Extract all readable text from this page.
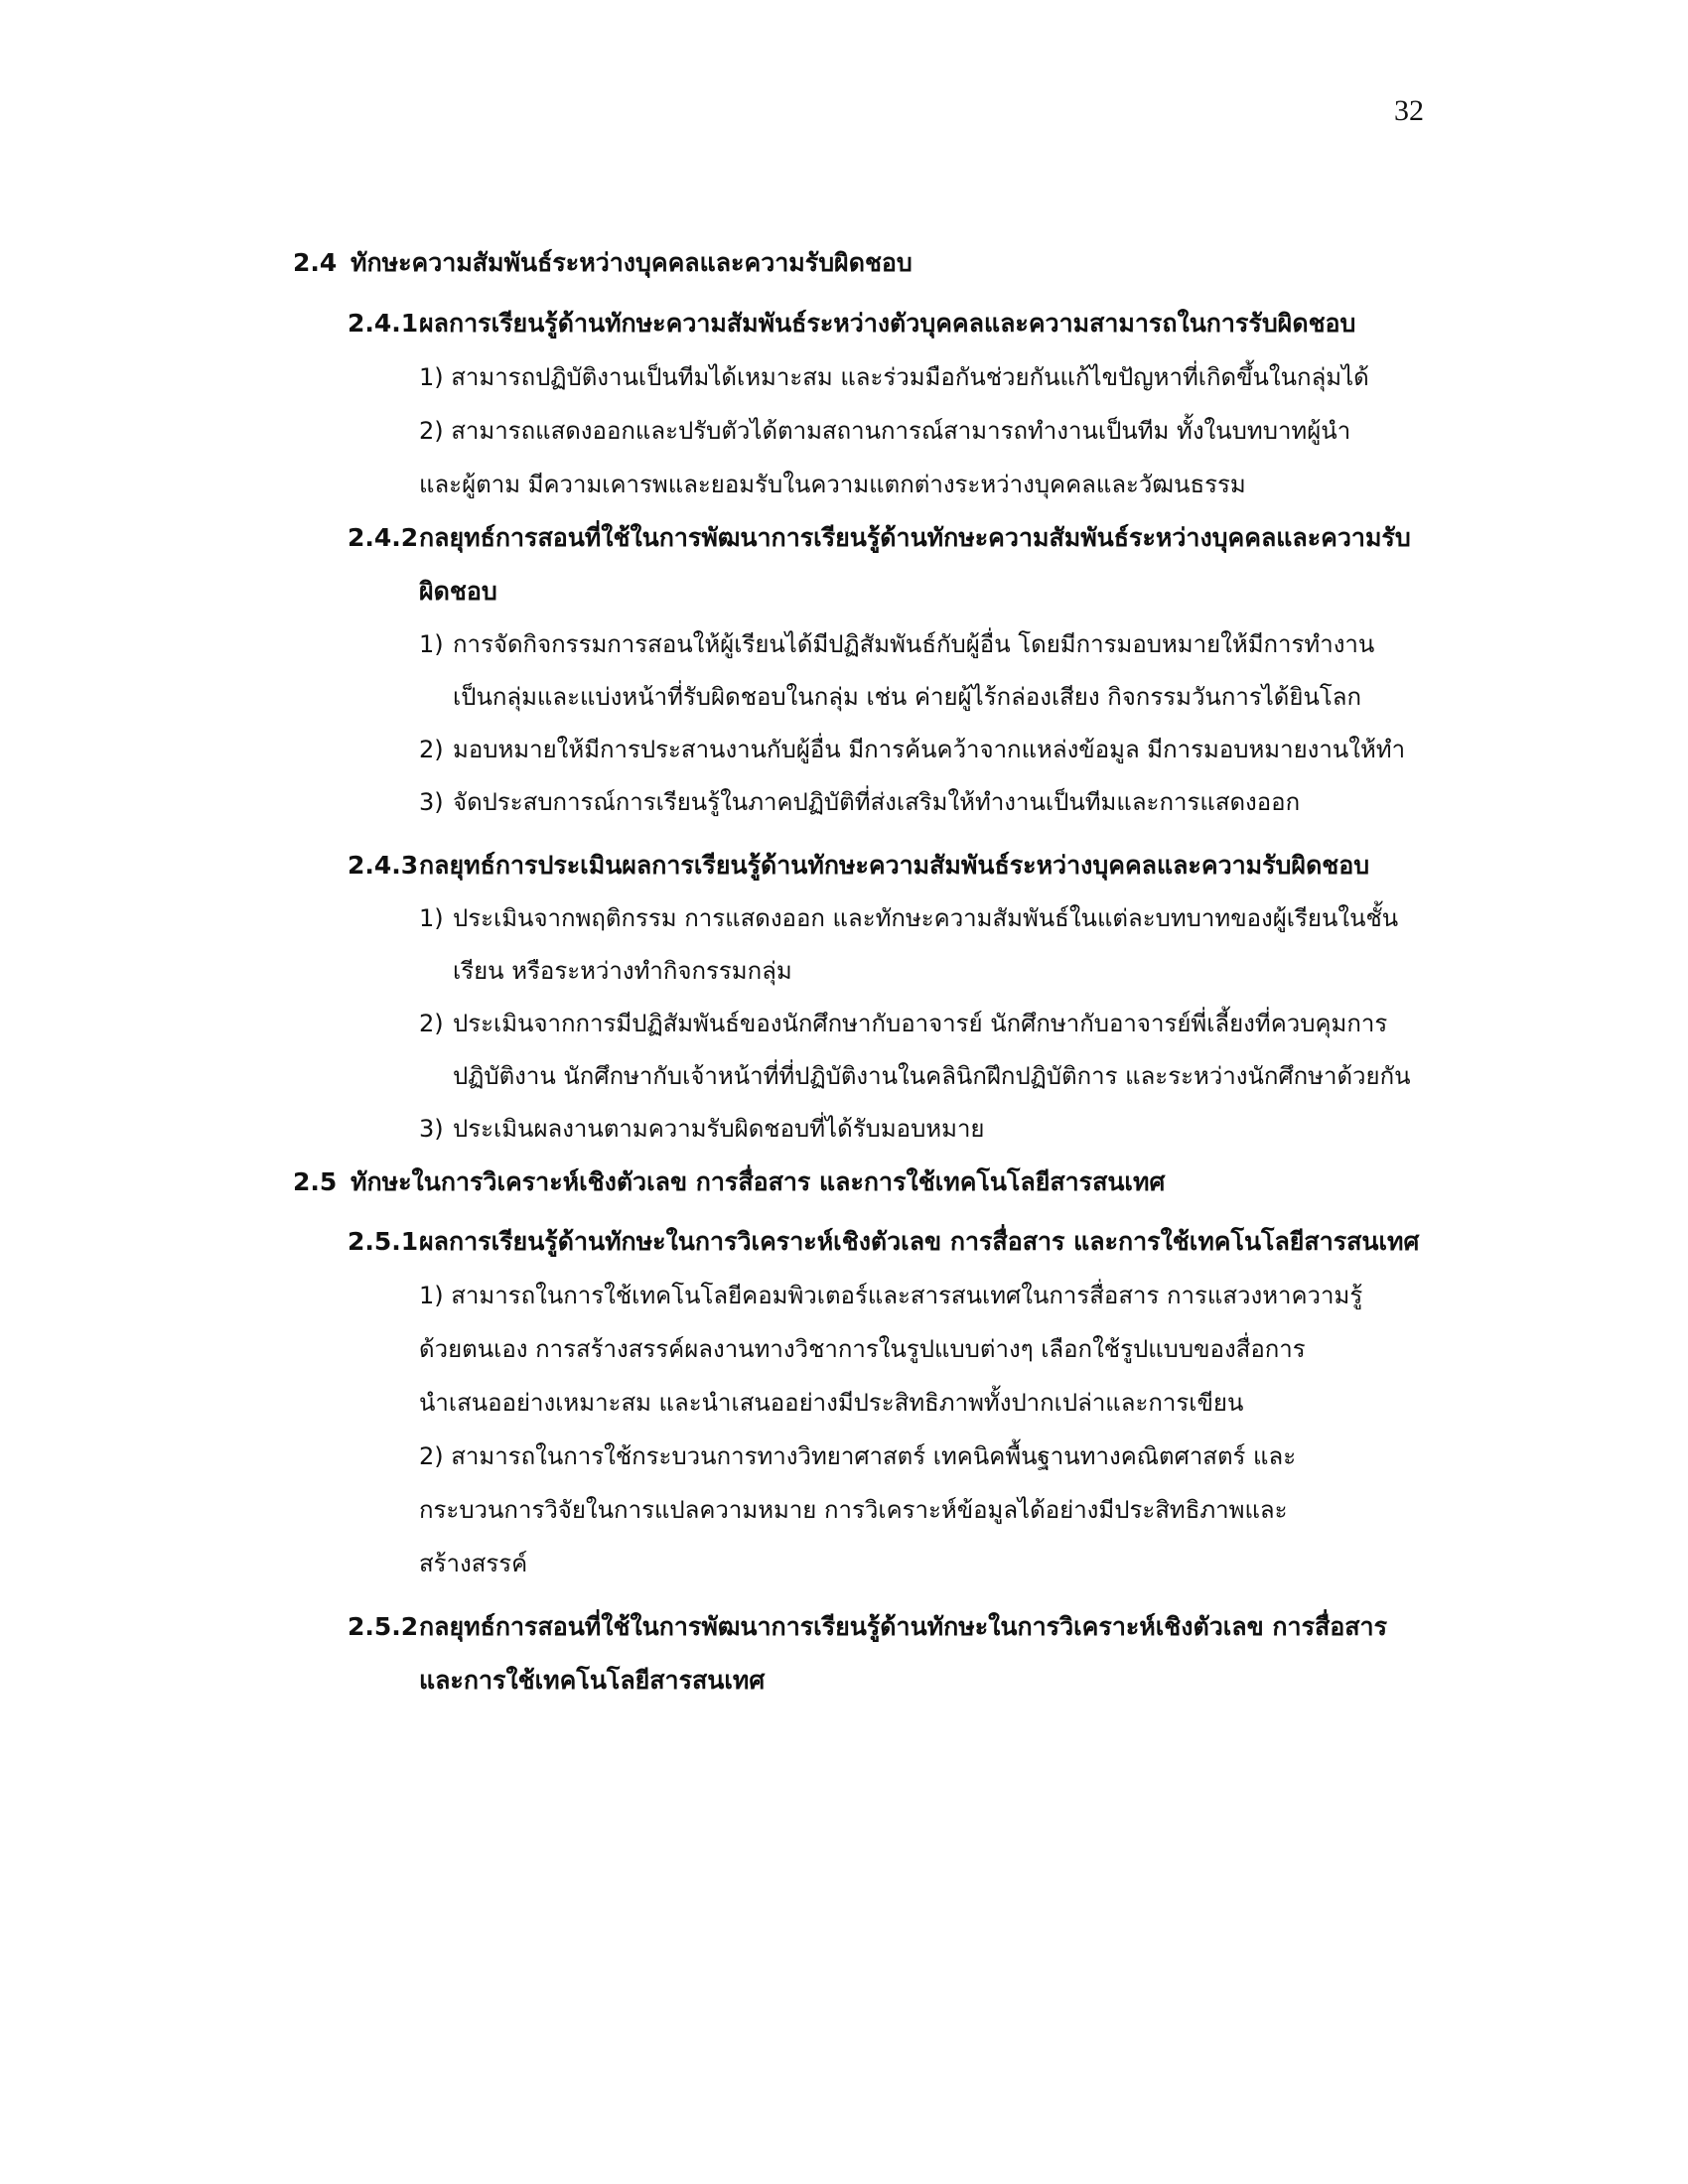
32
2.4 ทักษะความสัมพันธ์ระหว่างบุคคลและความรับผิดชอบ
2.4.1 ผลการเรียนรู้ด้านทักษะความสัมพันธ์ระหว่างตัวบุคคลและความสามารถในการรับผิดชอบ
1) สามารถปฏิบัติงานเป็นทีมได้เหมาะสม และร่วมมือกันช่วยกันแก้ไขปัญหาที่เกิดขึ้นในกลุ่มได้
2) สามารถแสดงออกและปรับตัวได้ตามสถานการณ์สามารถทำงานเป็นทีม ทั้งในบทบาทผู้นำ
และผู้ตาม มีความเคารพและยอมรับในความแตกต่างระหว่างบุคคลและวัฒนธรรม
2.4.2 กลยุทธ์การสอนที่ใช้ในการพัฒนาการเรียนรู้ด้านทักษะความสัมพันธ์ระหว่างบุคคลและความรับผิดชอบ
1) การจัดกิจกรรมการสอนให้ผู้เรียนได้มีปฏิสัมพันธ์กับผู้อื่น โดยมีการมอบหมายให้มีการทำงานเป็นกลุ่มและแบ่งหน้าที่รับผิดชอบในกลุ่ม เช่น ค่ายผู้ไร้กล่องเสียง กิจกรรมวันการได้ยินโลก
2) มอบหมายให้มีการประสานงานกับผู้อื่น มีการค้นคว้าจากแหล่งข้อมูล มีการมอบหมายงานให้ทำ
3) จัดประสบการณ์การเรียนรู้ในภาคปฏิบัติที่ส่งเสริมให้ทำงานเป็นทีมและการแสดงออก
2.4.3 กลยุทธ์การประเมินผลการเรียนรู้ด้านทักษะความสัมพันธ์ระหว่างบุคคลและความรับผิดชอบ
1) ประเมินจากพฤติกรรม การแสดงออก และทักษะความสัมพันธ์ในแต่ละบทบาทของผู้เรียนในชั้นเรียน หรือระหว่างทำกิจกรรมกลุ่ม
2) ประเมินจากการมีปฏิสัมพันธ์ของนักศึกษากับอาจารย์ นักศึกษากับอาจารย์พี่เลี้ยงที่ควบคุมการปฏิบัติงาน นักศึกษากับเจ้าหน้าที่ที่ปฏิบัติงานในคลินิกฝึกปฏิบัติการ และระหว่างนักศึกษาด้วยกัน
3) ประเมินผลงานตามความรับผิดชอบที่ได้รับมอบหมาย
2.5 ทักษะในการวิเคราะห์เชิงตัวเลข การสื่อสาร และการใช้เทคโนโลยีสารสนเทศ
2.5.1 ผลการเรียนรู้ด้านทักษะในการวิเคราะห์เชิงตัวเลข การสื่อสาร และการใช้เทคโนโลยีสารสนเทศ
1) สามารถในการใช้เทคโนโลยีคอมพิวเตอร์และสารสนเทศในการสื่อสาร การแสวงหาความรู้
ด้วยตนเอง การสร้างสรรค์ผลงานทางวิชาการในรูปแบบต่างๆ เลือกใช้รูปแบบของสื่อการ
นำเสนออย่างเหมาะสม และนำเสนออย่างมีประสิทธิภาพทั้งปากเปล่าและการเขียน
2) สามารถในการใช้กระบวนการทางวิทยาศาสตร์ เทคนิคพื้นฐานทางคณิตศาสตร์ และ
กระบวนการวิจัยในการแปลความหมาย การวิเคราะห์ข้อมูลได้อย่างมีประสิทธิภาพและ
สร้างสรรค์
2.5.2 กลยุทธ์การสอนที่ใช้ในการพัฒนาการเรียนรู้ด้านทักษะในการวิเคราะห์เชิงตัวเลข การสื่อสาร และการใช้เทคโนโลยีสารสนเทศ
